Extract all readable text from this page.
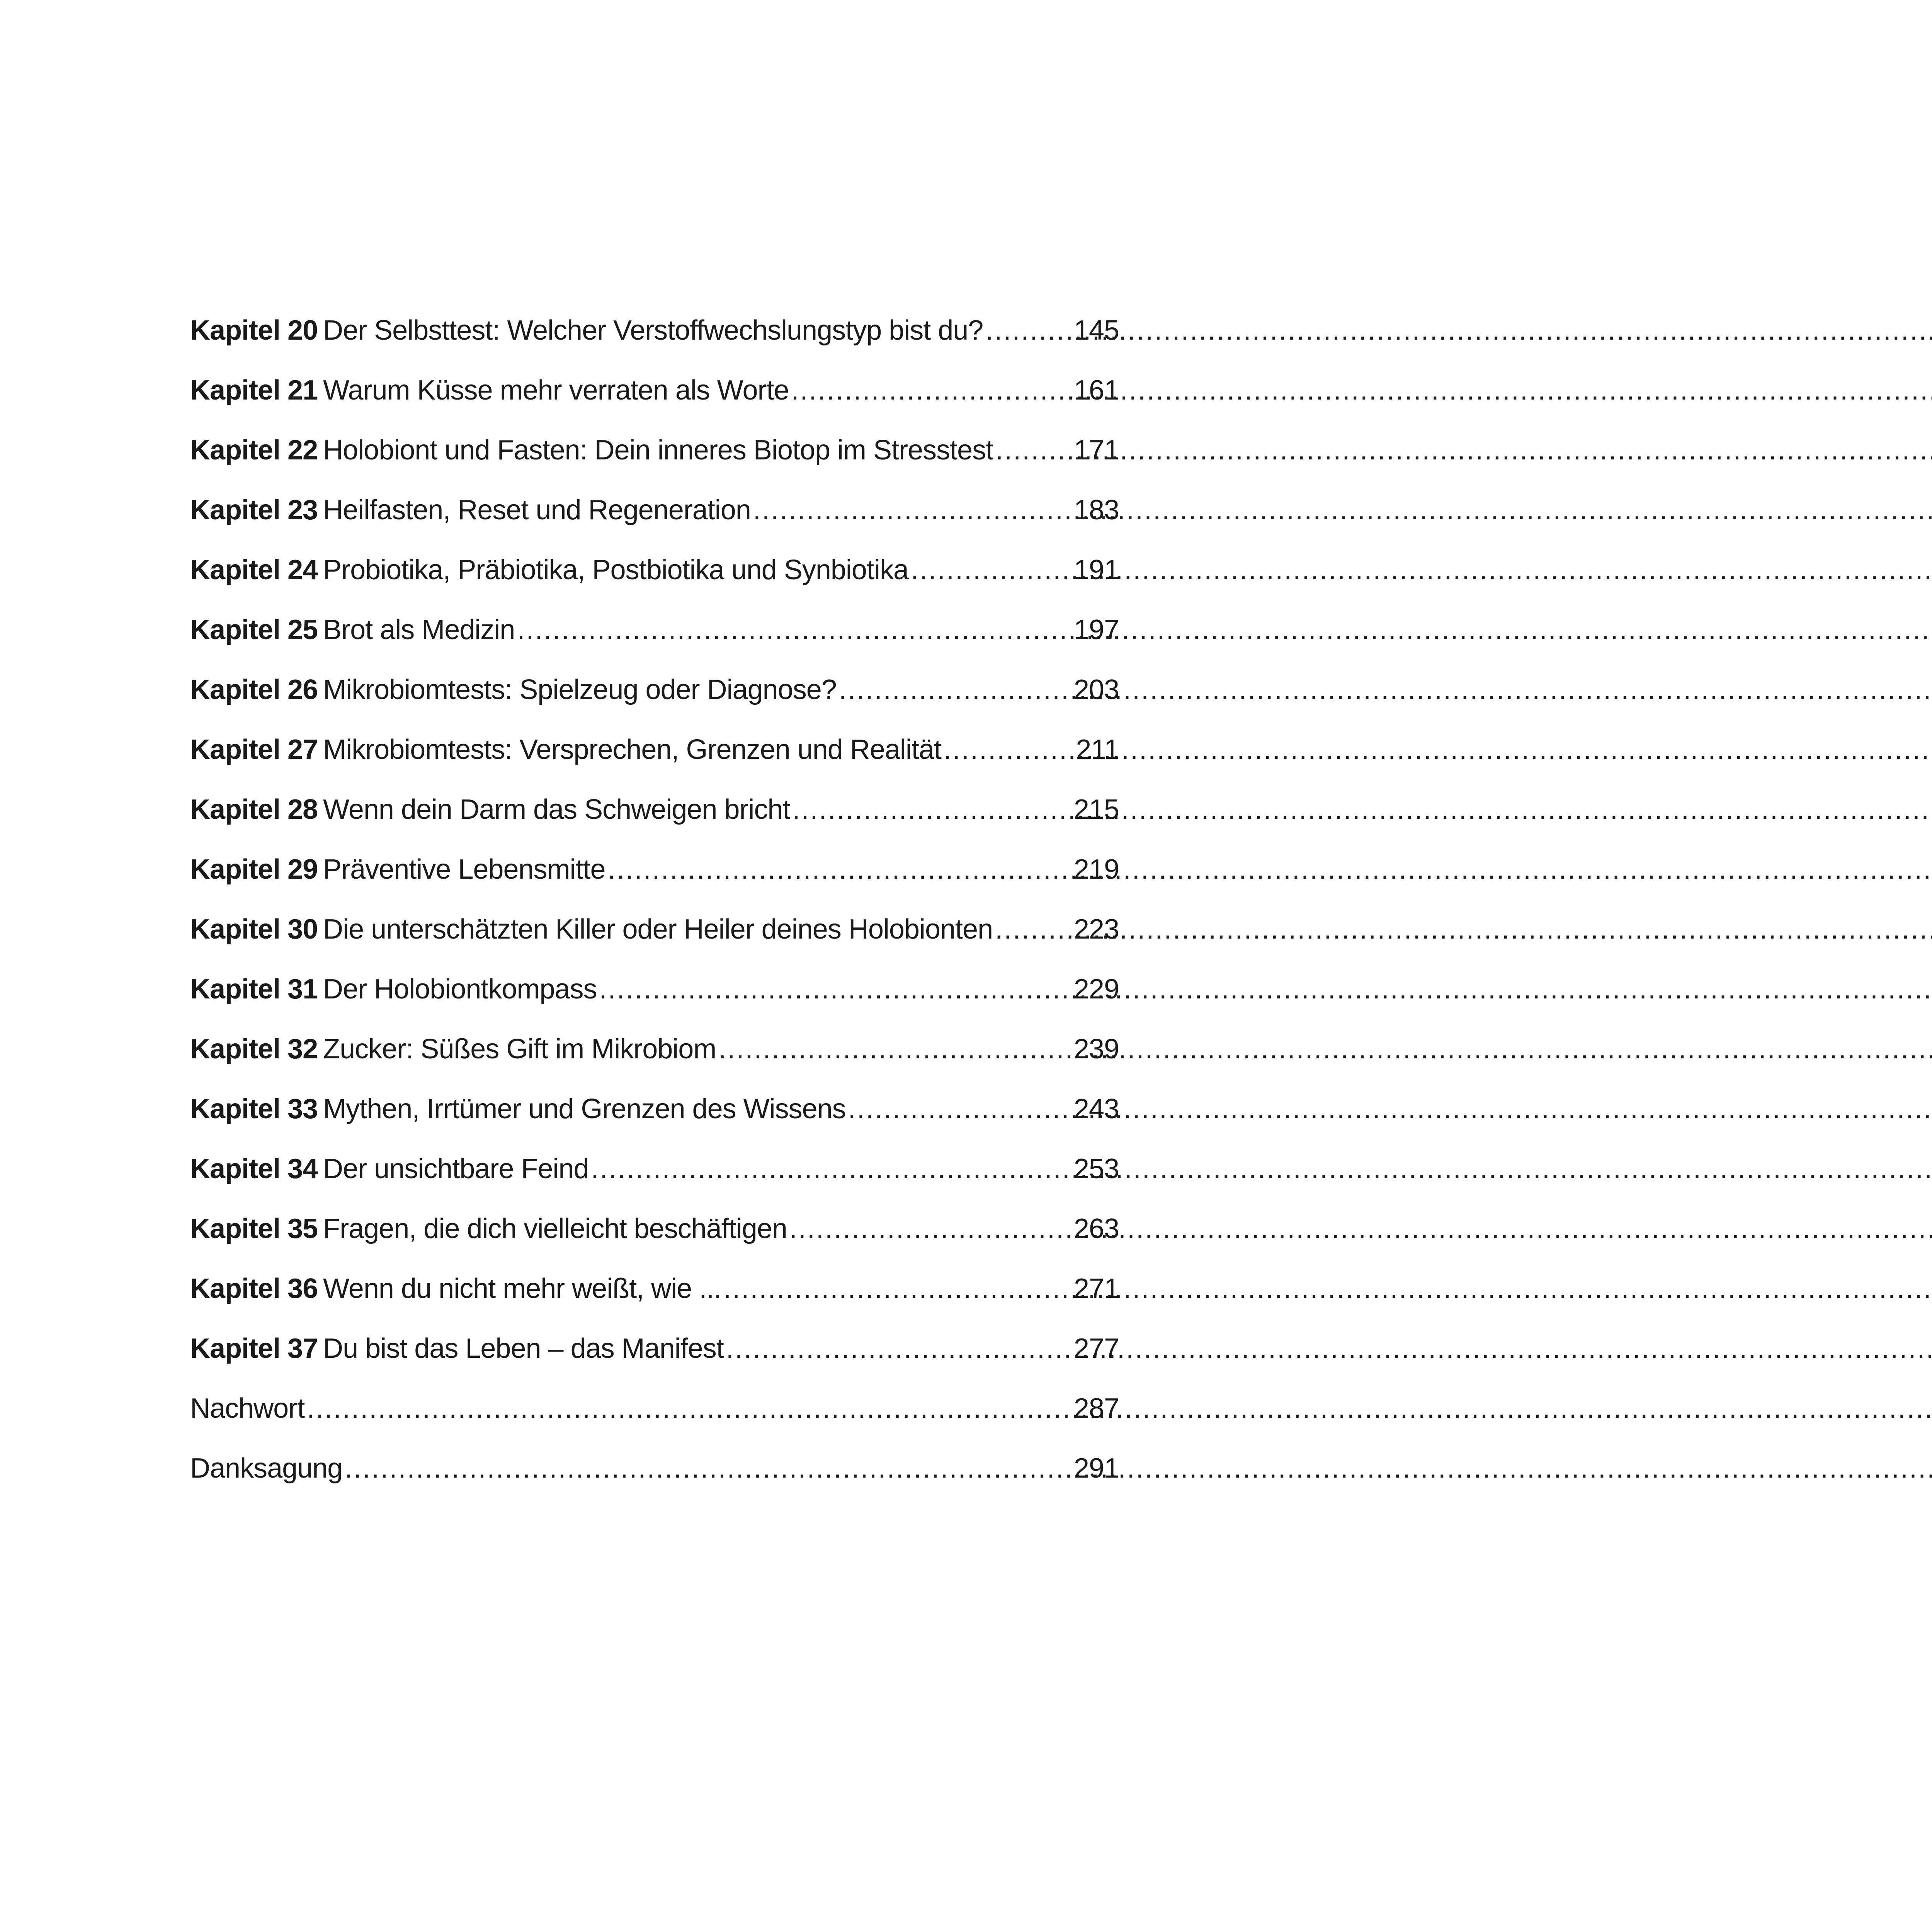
Kapitel 20 Der Selbsttest: Welcher Verstoffwechslungstyp bist du? .....	145
Kapitel 21 Warum Küsse mehr verraten als Worte .....	161
Kapitel 22 Holobiont und Fasten: Dein inneres Biotop im Stresstest .....	171
Kapitel 23 Heilfasten, Reset und Regeneration .....	183
Kapitel 24 Probiotika, Präbiotika, Postbiotika und Synbiotika .....	191
Kapitel 25 Brot als Medizin .....	197
Kapitel 26 Mikrobiomtests: Spielzeug oder Diagnose? .....	203
Kapitel 27 Mikrobiomtests: Versprechen, Grenzen und Realität .....	211
Kapitel 28 Wenn dein Darm das Schweigen bricht .....	215
Kapitel 29 Präventive Lebensmitte .....	219
Kapitel 30 Die unterschätzten Killer oder Heiler deines Holobionten .....	223
Kapitel 31 Der Holobiontkompass .....	229
Kapitel 32 Zucker: Süßes Gift im Mikrobiom .....	239
Kapitel 33 Mythen, Irrtümer und Grenzen des Wissens .....	243
Kapitel 34 Der unsichtbare Feind .....	253
Kapitel 35 Fragen, die dich vielleicht beschäftigen .....	263
Kapitel 36 Wenn du nicht mehr weißt, wie ... .....	271
Kapitel 37 Du bist das Leben – das Manifest .....	277
Nachwort .....	287
Danksagung .....	291
